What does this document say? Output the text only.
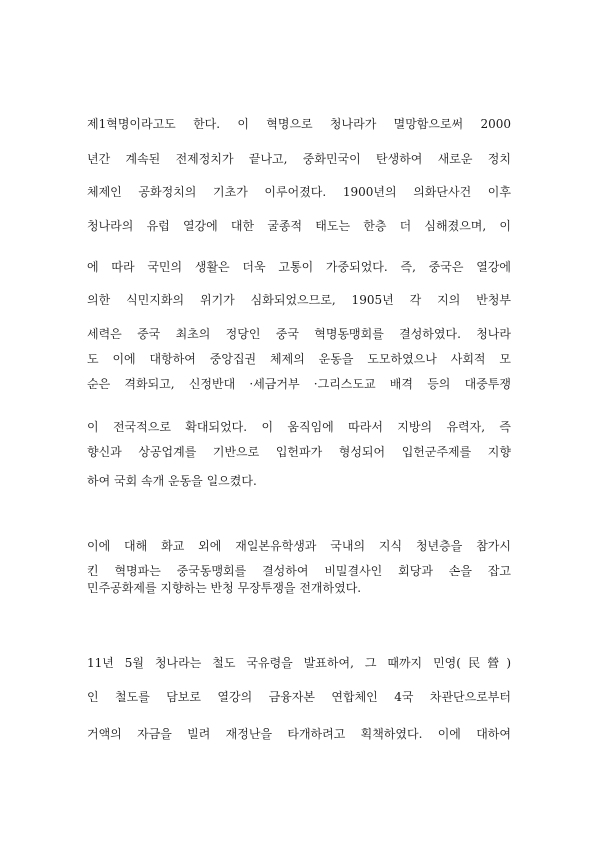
제1혁명이라고도 한다. 이 혁명으로 청나라가 멸망함으로써 2000
년간 계속된 전제정치가 끝나고, 중화민국이 탄생하여 새로운 정치
체제인 공화정치의 기초가 이루어졌다. 1900년의 의화단사건 이후
청나라의 유럽 열강에 대한 굴종적 태도는 한층 더 심해졌으며, 이
에 따라 국민의 생활은 더욱 고통이 가중되었다. 즉, 중국은 열강에
의한 식민지화의 위기가 심화되었으므로, 1905년 각 지의 반청부
세력은 중국 최초의 정당인 중국 혁명동맹회를 결성하였다. 청나라
도 이에 대항하여 중앙집권 체제의 운동을 도모하였으나 사회적 모
순은 격화되고, 신정반대 ·세금거부 ·그리스도교 배격 등의 대중투쟁
이 전국적으로 확대되었다. 이 움직임에 따라서 지방의 유력자, 즉
향신과 상공업계를 기반으로 입헌파가 형성되어 입헌군주제를 지향
하여 국회 속개 운동을 일으켰다.
이에 대해 화교 외에 재일본유학생과 국내의 지식 청년층을 참가시
킨 혁명파는 중국동맹회를 결성하여 비밀결사인 회당과 손을 잡고
민주공화제를 지향하는 반청 무장투쟁을 전개하였다.
11년 5월 청나라는 철도 국유령을 발표하여, 그 때까지 민영(民營)
인 철도를 담보로 열강의 금융자본 연합체인 4국 차관단으로부터
거액의 자금을 빌려 재정난을 타개하려고 획책하였다. 이에 대하여
